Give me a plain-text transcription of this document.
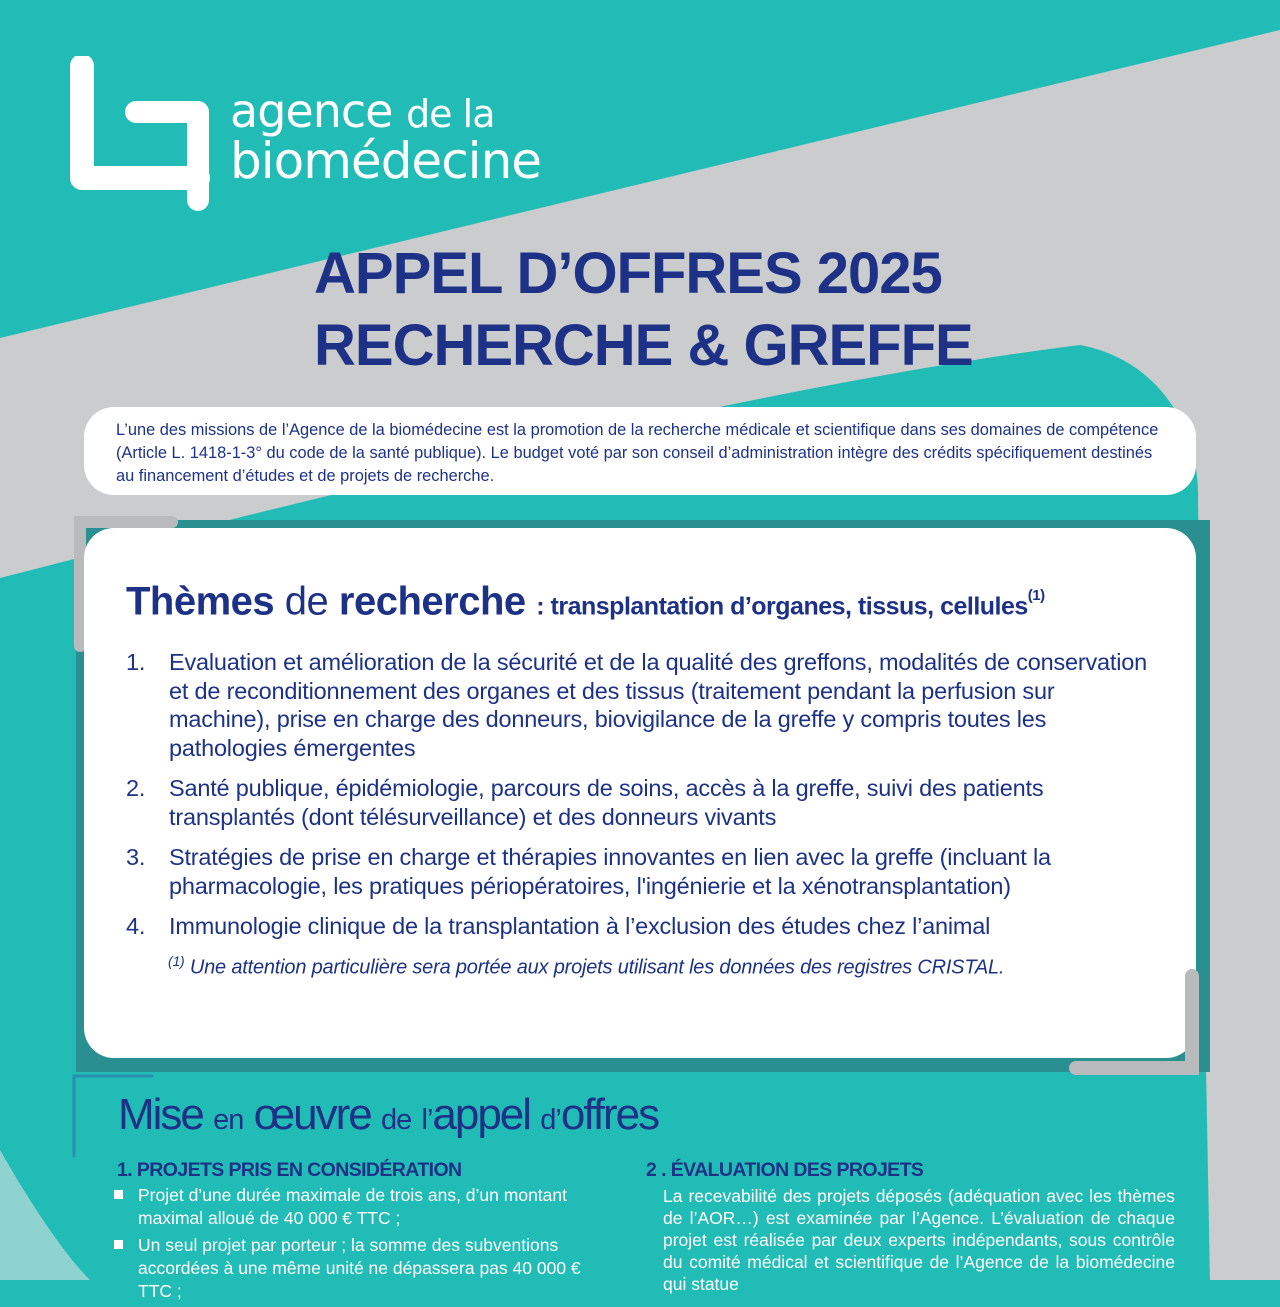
agence de la
biomédecine
APPEL D’OFFRES 2025
RECHERCHE & GREFFE
L’une des missions de l’Agence de la biomédecine est la promotion de la recherche médicale et scientifique dans ses domaines de compétence (Article L. 1418-1-3° du code de la santé publique). Le budget voté par son conseil d’administration intègre des crédits spécifiquement destinés au financement d’études et de projets de recherche.
Thèmes de recherche : transplantation d’organes, tissus, cellules$^{(1)}$
1.	Evaluation et amélioration de la sécurité et de la qualité des greffons, modalités de conservation et de reconditionnement des organes et des tissus (traitement pendant la perfusion sur machine), prise en charge des donneurs, biovigilance de la greffe y compris toutes les pathologies émergentes
2.	Santé publique, épidémiologie, parcours de soins, accès à la greffe, suivi des patients transplantés (dont télésurveillance) et des donneurs vivants
3.	Stratégies de prise en charge et thérapies innovantes en lien avec la greffe (incluant la pharmacologie, les pratiques périopératoires, l'ingénierie et la xénotransplantation)
4.	Immunologie clinique de la transplantation à l’exclusion des études chez l’animal

$^{(1)}$ Une attention particulière sera portée aux projets utilisant les données des registres CRISTAL.

Mise en œuvre de l’appel d’offres
1. PROJETS PRIS EN CONSIDÉRATION
Projet d’une durée maximale de trois ans, d’un montant maximal alloué de 40 000 € TTC ;
Un seul projet par porteur ; la somme des subventions accordées à une même unité ne dépassera pas 40 000 € TTC ;
2 . ÉVALUATION DES PROJETS

La recevabilité des projets déposés (adéquation avec les thèmes de l’AOR…) est examinée par l’Agence. L’évaluation de chaque projet est réalisée par deux experts indépendants, sous contrôle du comité médical et scientifique de l’Agence de la biomédecine qui statue
